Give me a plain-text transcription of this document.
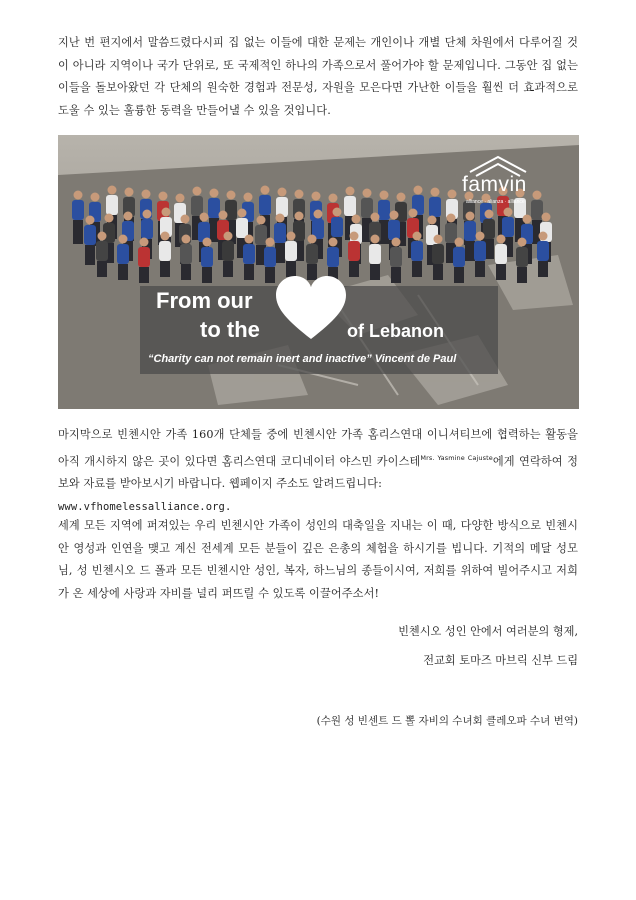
지난 번 편지에서 말씀드렸다시피 집 없는 이들에 대한 문제는 개인이나 개별 단체 차원에서 다루어질 것이 아니라 지역이나 국가 단위로, 또 국제적인 하나의 가족으로서 풀어가야 할 문제입니다. 그동안 집 없는 이들을 돌보아왔던 각 단체의 원숙한 경험과 전문성, 자원을 모은다면 가난한 이들을 훨씬 더 효과적으로 도울 수 있는 훌륭한 동력을 만들어낼 수 있을 것입니다.

famvin
alliance · alianza · alliance
From our
to the	of Lebanon
“Charity can not remain inert and inactive” Vincent de Paul

마지막으로 빈첸시안 가족 160개 단체들 중에 빈첸시안 가족 홈리스연대 이니셔티브에 협력하는 활동을 아직 개시하지 않은 곳이 있다면 홈리스연대 코디네이터 야스민 카이스테$^{Mrs. Yasmine Cajuste}$에게 연락하여 정보와 자료를 받아보시기 바랍니다. 웹페이지 주소도 알려드립니다:
www.vfhomelessalliance.org.

세계 모든 지역에 퍼져있는 우리 빈첸시안 가족이 성인의 대축일을 지내는 이 때, 다양한 방식으로 빈첸시안 영성과 인연을 맺고 계신 전세계 모든 분들이 깊은 은총의 체험을 하시기를 빕니다. 기적의 메달 성모님, 성 빈첸시오 드 폴과 모든 빈첸시안 성인, 복자, 하느님의 종들이시여, 저희를 위하여 빌어주시고 저희가 온 세상에 사랑과 자비를 널리 퍼뜨릴 수 있도록 이끌어주소서!

빈첸시오 성인 안에서 여러분의 형제,
전교회 토마즈 마브릭 신부 드림
(수원 성 빈센트 드 뽈 자비의 수녀회 클레오파 수녀 번역)
